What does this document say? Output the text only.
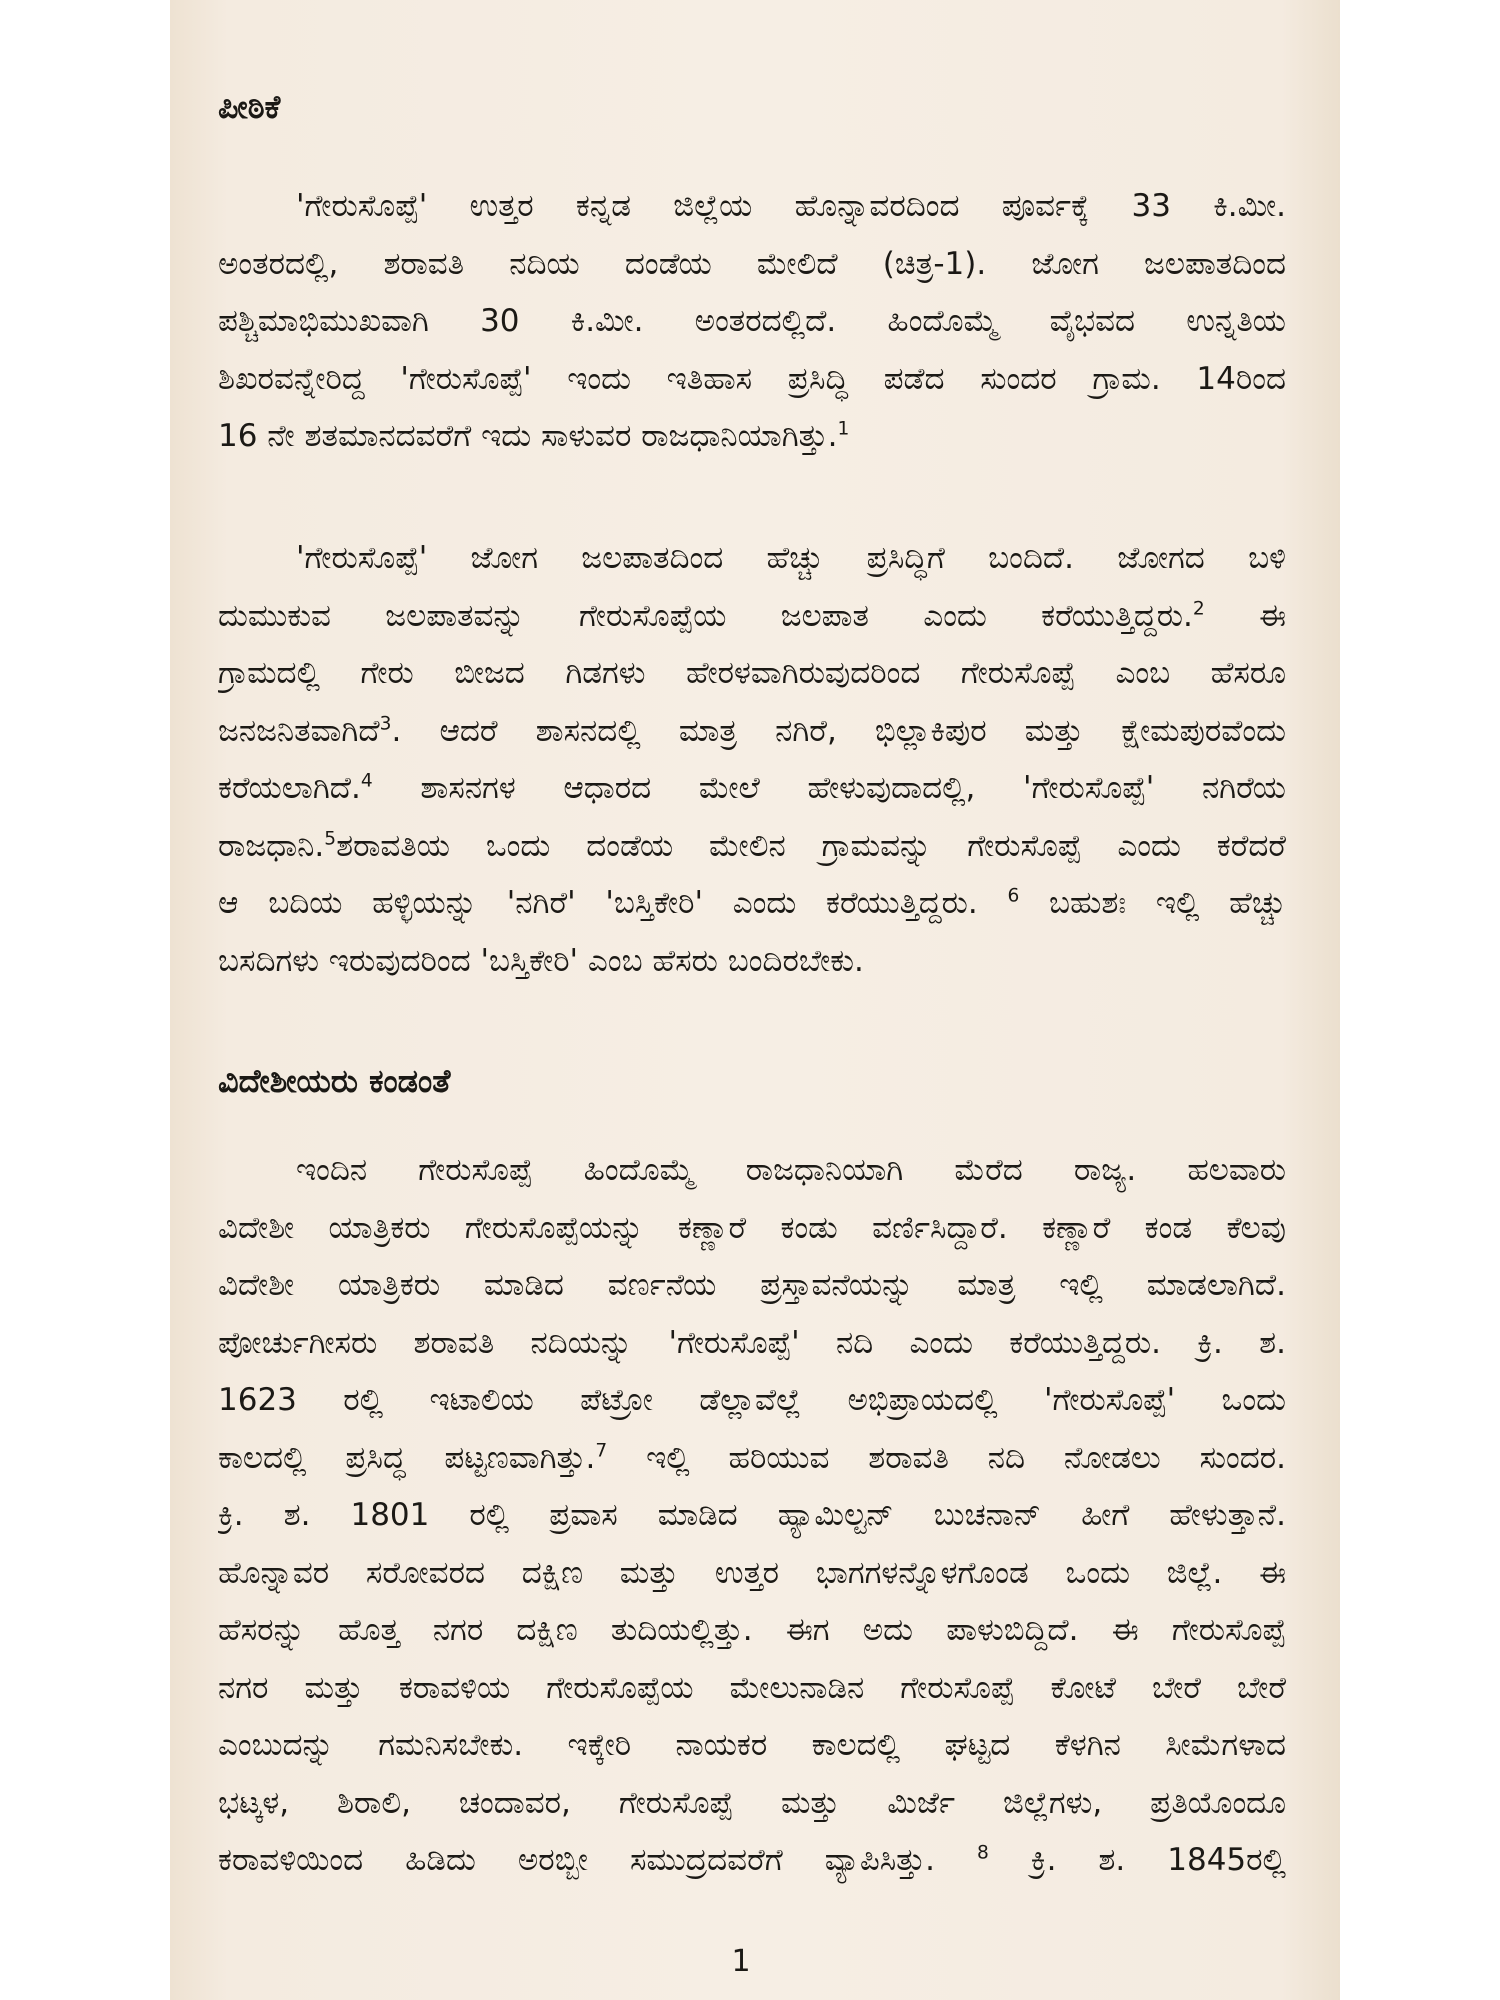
ಪೀಠಿಕೆ
'ಗೇರುಸೊಪ್ಪೆ' ಉತ್ತರ ಕನ್ನಡ ಜಿಲ್ಲೆಯ ಹೊನ್ನಾವರದಿಂದ ಪೂರ್ವಕ್ಕೆ 33 ಕಿ.ಮೀ.
ಅಂತರದಲ್ಲಿ, ಶರಾವತಿ ನದಿಯ ದಂಡೆಯ ಮೇಲಿದೆ (ಚಿತ್ರ-1). ಜೋಗ ಜಲಪಾತದಿಂದ
ಪಶ್ಚಿಮಾಭಿಮುಖವಾಗಿ 30 ಕಿ.ಮೀ. ಅಂತರದಲ್ಲಿದೆ. ಹಿಂದೊಮ್ಮೆ ವೈಭವದ ಉನ್ನತಿಯ
ಶಿಖರವನ್ನೇರಿದ್ದ 'ಗೇರುಸೊಪ್ಪೆ' ಇಂದು ಇತಿಹಾಸ ಪ್ರಸಿದ್ಧಿ ಪಡೆದ ಸುಂದರ ಗ್ರಾಮ. 14ರಿಂದ
16 ನೇ ಶತಮಾನದವರೆಗೆ ಇದು ಸಾಳುವರ ರಾಜಧಾನಿಯಾಗಿತ್ತು.$^1$
'ಗೇರುಸೊಪ್ಪೆ' ಜೋಗ ಜಲಪಾತದಿಂದ ಹೆಚ್ಚು ಪ್ರಸಿದ್ಧಿಗೆ ಬಂದಿದೆ. ಜೋಗದ ಬಳಿ
ದುಮುಕುವ ಜಲಪಾತವನ್ನು ಗೇರುಸೊಪ್ಪೆಯ ಜಲಪಾತ ಎಂದು ಕರೆಯುತ್ತಿದ್ದರು.$^2$ ಈ
ಗ್ರಾಮದಲ್ಲಿ ಗೇರು ಬೀಜದ ಗಿಡಗಳು ಹೇರಳವಾಗಿರುವುದರಿಂದ ಗೇರುಸೊಪ್ಪೆ ಎಂಬ ಹೆಸರೂ
ಜನಜನಿತವಾಗಿದೆ$^3$. ಆದರೆ ಶಾಸನದಲ್ಲಿ ಮಾತ್ರ ನಗಿರೆ, ಭಿಲ್ಲಾಕಿಪುರ ಮತ್ತು ಕ್ಷೇಮಪುರವೆಂದು
ಕರೆಯಲಾಗಿದೆ.$^4$ ಶಾಸನಗಳ ಆಧಾರದ ಮೇಲೆ ಹೇಳುವುದಾದಲ್ಲಿ, 'ಗೇರುಸೊಪ್ಪೆ' ನಗಿರೆಯ
ರಾಜಧಾನಿ.$^5$ಶರಾವತಿಯ ಒಂದು ದಂಡೆಯ ಮೇಲಿನ ಗ್ರಾಮವನ್ನು ಗೇರುಸೊಪ್ಪೆ ಎಂದು ಕರೆದರೆ
ಆ ಬದಿಯ ಹಳ್ಳಿಯನ್ನು 'ನಗಿರೆ' 'ಬಸ್ತಿಕೇರಿ' ಎಂದು ಕರೆಯುತ್ತಿದ್ದರು. $^6$ ಬಹುಶಃ ಇಲ್ಲಿ ಹೆಚ್ಚು
ಬಸದಿಗಳು ಇರುವುದರಿಂದ 'ಬಸ್ತಿಕೇರಿ' ಎಂಬ ಹೆಸರು ಬಂದಿರಬೇಕು.
ವಿದೇಶೀಯರು ಕಂಡಂತೆ
ಇಂದಿನ ಗೇರುಸೊಪ್ಪೆ ಹಿಂದೊಮ್ಮೆ ರಾಜಧಾನಿಯಾಗಿ ಮೆರೆದ ರಾಜ್ಯ. ಹಲವಾರು
ವಿದೇಶೀ ಯಾತ್ರಿಕರು ಗೇರುಸೊಪ್ಪೆಯನ್ನು ಕಣ್ಣಾರೆ ಕಂಡು ವರ್ಣಿಸಿದ್ದಾರೆ. ಕಣ್ಣಾರೆ ಕಂಡ ಕೆಲವು
ವಿದೇಶೀ ಯಾತ್ರಿಕರು ಮಾಡಿದ ವರ್ಣನೆಯ ಪ್ರಸ್ತಾವನೆಯನ್ನು ಮಾತ್ರ ಇಲ್ಲಿ ಮಾಡಲಾಗಿದೆ.
ಪೋರ್ಚುಗೀಸರು ಶರಾವತಿ ನದಿಯನ್ನು 'ಗೇರುಸೊಪ್ಪೆ' ನದಿ ಎಂದು ಕರೆಯುತ್ತಿದ್ದರು. ಕ್ರಿ. ಶ.
1623 ರಲ್ಲಿ ಇಟಾಲಿಯ ಪೆಟ್ರೋ ಡೆಲ್ಲಾವೆಲ್ಲೆ ಅಭಿಪ್ರಾಯದಲ್ಲಿ 'ಗೇರುಸೊಪ್ಪೆ' ಒಂದು
ಕಾಲದಲ್ಲಿ ಪ್ರಸಿದ್ಧ ಪಟ್ಟಣವಾಗಿತ್ತು.$^7$ ಇಲ್ಲಿ ಹರಿಯುವ ಶರಾವತಿ ನದಿ ನೋಡಲು ಸುಂದರ.
ಕ್ರಿ. ಶ. 1801 ರಲ್ಲಿ ಪ್ರವಾಸ ಮಾಡಿದ ಹ್ಯಾಮಿಲ್ಟನ್ ಬುಚನಾನ್ ಹೀಗೆ ಹೇಳುತ್ತಾನೆ.
ಹೊನ್ನಾವರ ಸರೋವರದ ದಕ್ಷಿಣ ಮತ್ತು ಉತ್ತರ ಭಾಗಗಳನ್ನೊಳಗೊಂಡ ಒಂದು ಜಿಲ್ಲೆ. ಈ
ಹೆಸರನ್ನು ಹೊತ್ತ ನಗರ ದಕ್ಷಿಣ ತುದಿಯಲ್ಲಿತ್ತು. ಈಗ ಅದು ಪಾಳುಬಿದ್ದಿದೆ. ಈ ಗೇರುಸೊಪ್ಪೆ
ನಗರ ಮತ್ತು ಕರಾವಳಿಯ ಗೇರುಸೊಪ್ಪೆಯ ಮೇಲುನಾಡಿನ ಗೇರುಸೊಪ್ಪೆ ಕೋಟೆ ಬೇರೆ ಬೇರೆ
ಎಂಬುದನ್ನು ಗಮನಿಸಬೇಕು. ಇಕ್ಕೇರಿ ನಾಯಕರ ಕಾಲದಲ್ಲಿ ಘಟ್ಟದ ಕೆಳಗಿನ ಸೀಮೆಗಳಾದ
ಭಟ್ಕಳ, ಶಿರಾಲಿ, ಚಂದಾವರ, ಗೇರುಸೊಪ್ಪೆ ಮತ್ತು ಮಿರ್ಜೆ ಜಿಲ್ಲೆಗಳು, ಪ್ರತಿಯೊಂದೂ
ಕರಾವಳಿಯಿಂದ ಹಿಡಿದು ಅರಬ್ಬೀ ಸಮುದ್ರದವರೆಗೆ ವ್ಯಾಪಿಸಿತ್ತು. $^8$ ಕ್ರಿ. ಶ. 1845ರಲ್ಲಿ
1
